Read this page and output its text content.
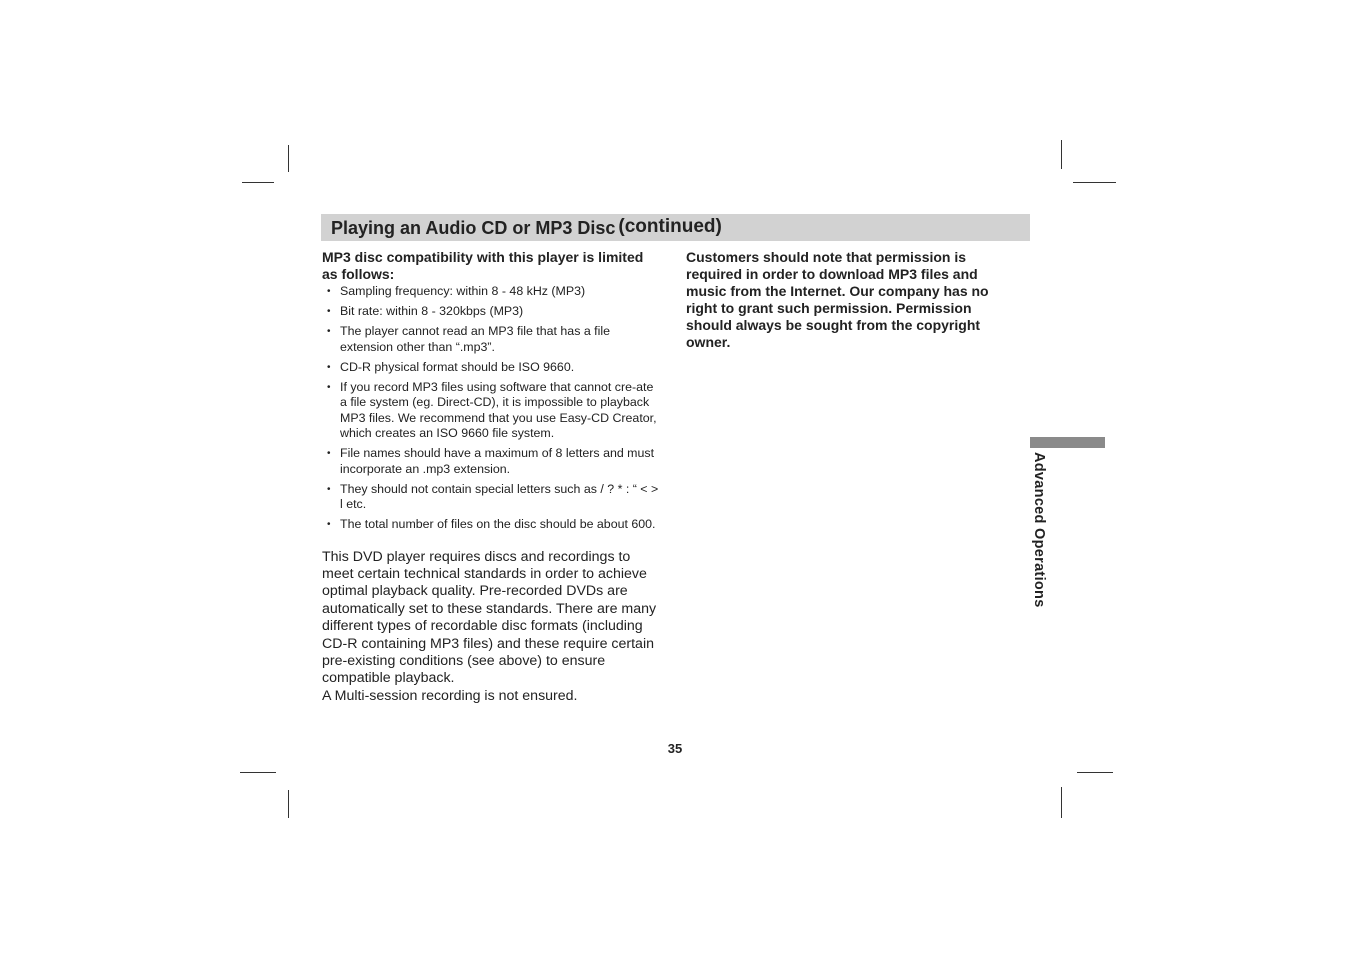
Playing an Audio CD or MP3 Disc (continued)

MP3 disc compatibility with this player is limited as follows:

• Sampling frequency: within 8 - 48 kHz (MP3)
• Bit rate: within 8 - 320kbps (MP3)
• The player cannot read an MP3 file that has a file extension other than “.mp3”.
• CD-R physical format should be ISO 9660.
• If you record MP3 files using software that cannot cre-ate a file system (eg. Direct-CD), it is impossible to playback MP3 files. We recommend that you use Easy-CD Creator, which creates an ISO 9660 file system.
• File names should have a maximum of 8 letters and must incorporate an .mp3 extension.
• They should not contain special letters such as / ? * : “ < > l etc.
• The total number of files on the disc should be about 600.

This DVD player requires discs and recordings to meet certain technical standards in order to achieve optimal playback quality. Pre-recorded DVDs are automatically set to these standards. There are many different types of recordable disc formats (including CD-R containing MP3 files) and these require certain pre-existing conditions (see above) to ensure compatible playback.

A Multi-session recording is not ensured.

Customers should note that permission is required in order to download MP3 files and music from the Internet. Our company has no right to grant such permission. Permission should always be sought from the copyright owner.

Advanced Operations
35
